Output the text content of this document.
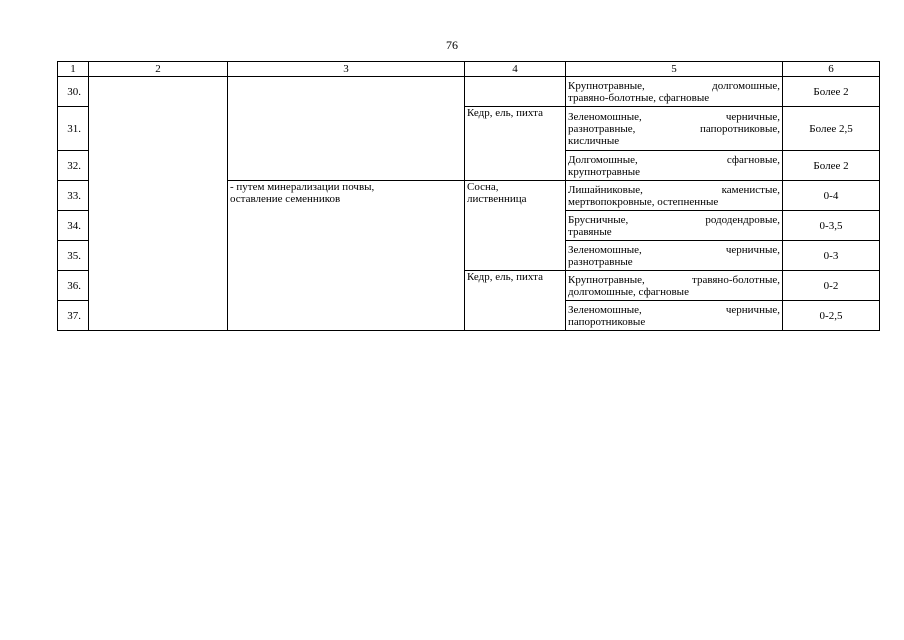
76
1	2	3	4	5	6
30.				Крупнотравные, долгомошные,
травяно-болотные, сфагновые	Более 2
31.			Кедр, ель, пихта	Зеленомошные, черничные,
разнотравные, папоротниковые,
кисличные	Более 2,5
32.				Долгомошные, сфагновые,
крупнотравные	Более 2
33.		- путем минерализации почвы,
оставление семенников	Сосна,
лиственница	Лишайниковые, каменистые,
мертвопокровные, остепненные	0-4
34.				Брусничные, рододендровые,
травяные	0-3,5
35.				Зеленомошные, черничные,
разнотравные	0-3
36.			Кедр, ель, пихта	Крупнотравные, травяно-болотные,
долгомошные, сфагновые	0-2
37.				Зеленомошные, черничные,
папоротниковые	0-2,5
